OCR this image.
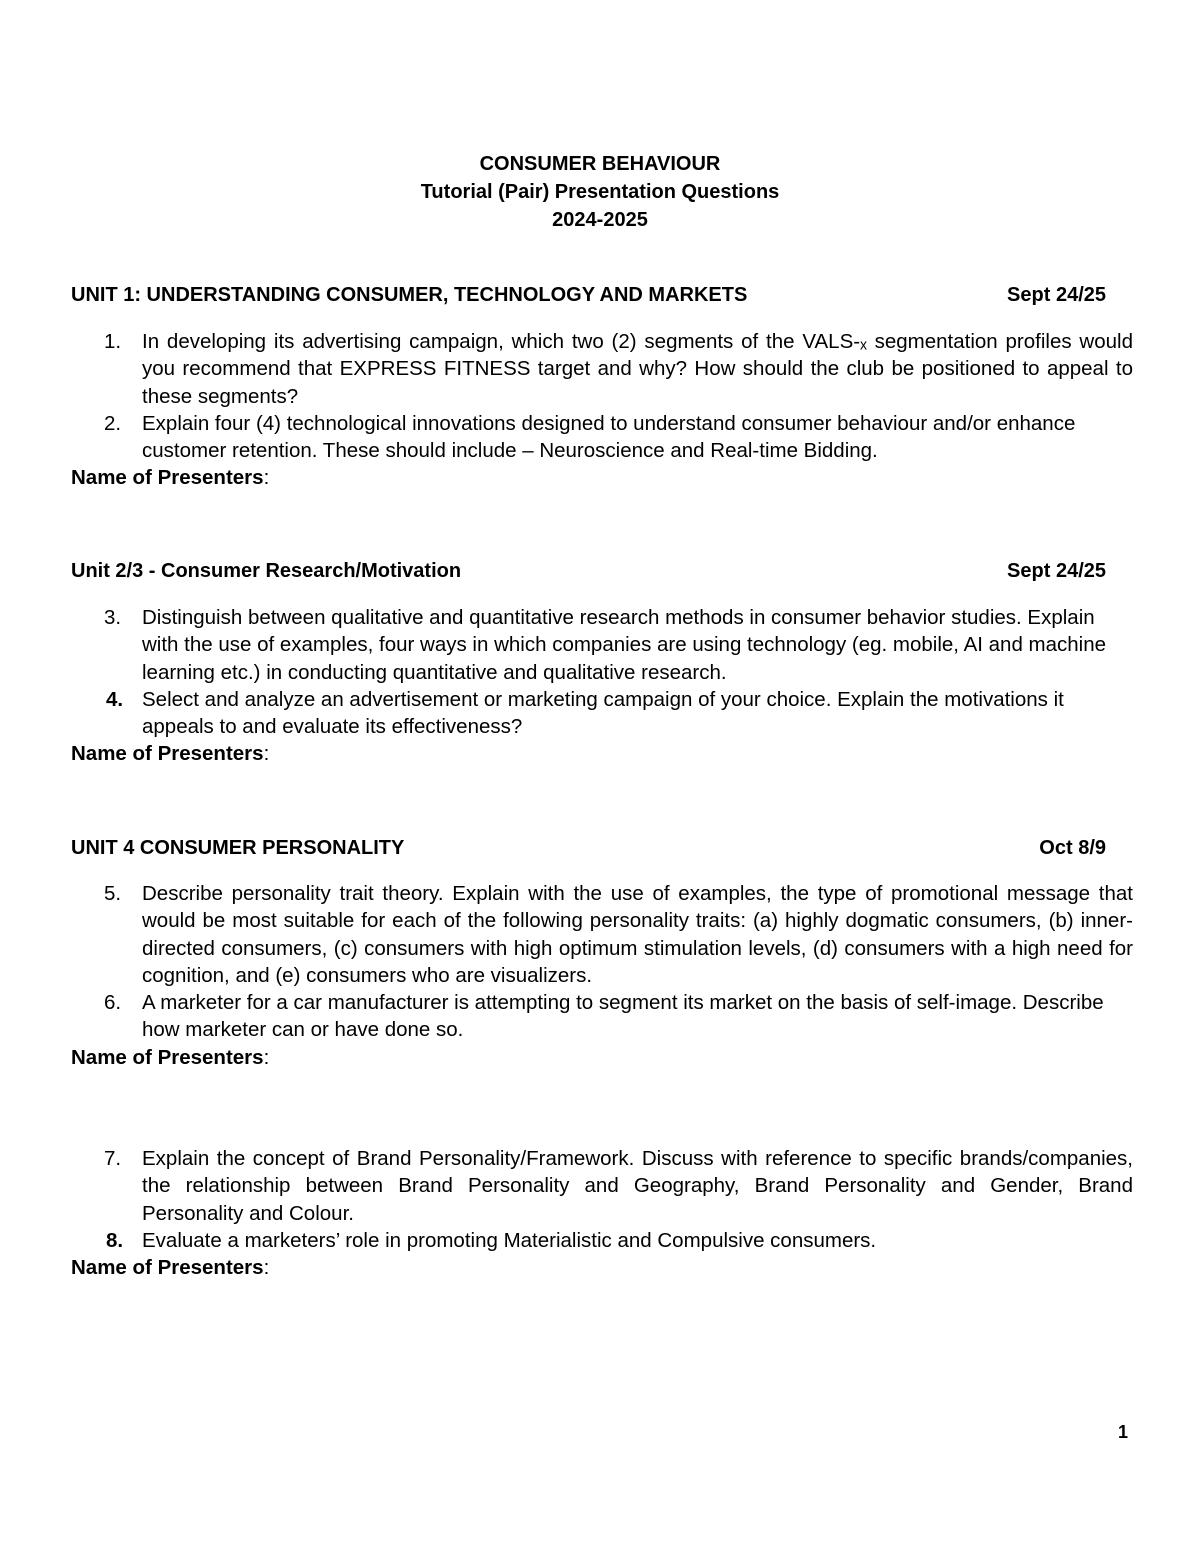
CONSUMER BEHAVIOUR
Tutorial (Pair) Presentation Questions
2024-2025
UNIT 1: UNDERSTANDING CONSUMER, TECHNOLOGY AND MARKETS	Sept 24/25

1. In developing its advertising campaign, which two (2) segments of the VALS-ₓ segmentation profiles would you recommend that EXPRESS FITNESS target and why? How should the club be positioned to appeal to these segments?

2. Explain four (4) technological innovations designed to understand consumer behaviour and/or enhance customer retention. These should include – Neuroscience and Real-time Bidding.

Name of Presenters:

Unit 2/3 - Consumer Research/Motivation	Sept 24/25

3. Distinguish between qualitative and quantitative research methods in consumer behavior studies. Explain with the use of examples, four ways in which companies are using technology (eg. mobile, AI and machine learning etc.) in conducting quantitative and qualitative research.

4. Select and analyze an advertisement or marketing campaign of your choice. Explain the motivations it appeals to and evaluate its effectiveness?

Name of Presenters:

UNIT 4 CONSUMER PERSONALITY	Oct 8/9

5. Describe personality trait theory. Explain with the use of examples, the type of promotional message that would be most suitable for each of the following personality traits: (a) highly dogmatic consumers, (b) inner-directed consumers, (c) consumers with high optimum stimulation levels, (d) consumers with a high need for cognition, and (e) consumers who are visualizers.

6. A marketer for a car manufacturer is attempting to segment its market on the basis of self-image. Describe how marketer can or have done so.

Name of Presenters:

7. Explain the concept of Brand Personality/Framework. Discuss with reference to specific brands/companies, the relationship between Brand Personality and Geography, Brand Personality and Gender, Brand Personality and Colour.

8. Evaluate a marketers’ role in promoting Materialistic and Compulsive consumers.

Name of Presenters:

1
